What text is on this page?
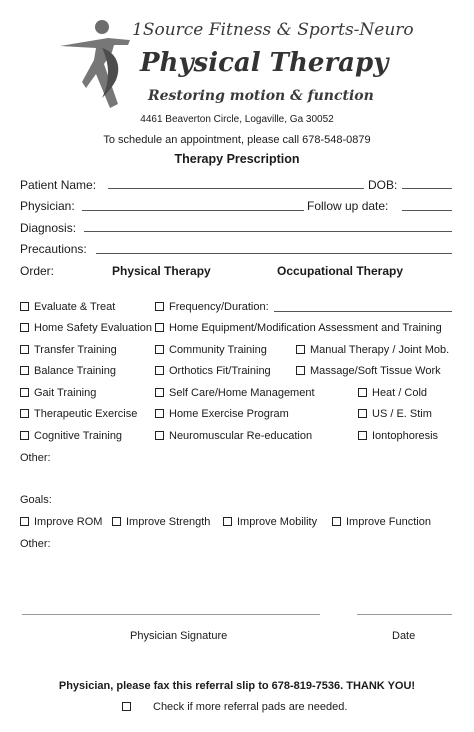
1Source Fitness & Sports-Neuro
Physical Therapy
Restoring motion & function
4461 Beaverton Circle, Logaville, Ga 30052
To schedule an appointment, please call 678-548-0879
Therapy Prescription
Patient Name:	DOB:
Physician:	Follow up date:
Diagnosis:
Precautions:
Order:	Physical Therapy	Occupational Therapy
Evaluate & Treat	Frequency/Duration:
Home Safety Evaluation	Home Equipment/Modification Assessment and Training
Transfer Training	Community Training	Manual Therapy / Joint Mob.
Balance Training	Orthotics Fit/Training	Massage/Soft Tissue Work
Gait Training	Self Care/Home Management	Heat / Cold
Therapeutic Exercise	Home Exercise Program	US / E. Stim
Cognitive Training	Neuromuscular Re-education	Iontophoresis
Other:
Goals:
Improve ROM	Improve Strength	Improve Mobility	Improve Function
Other:
Physician Signature	Date
Physician, please fax this referral slip to 678-819-7536. THANK YOU!
Check if more referral pads are needed.
